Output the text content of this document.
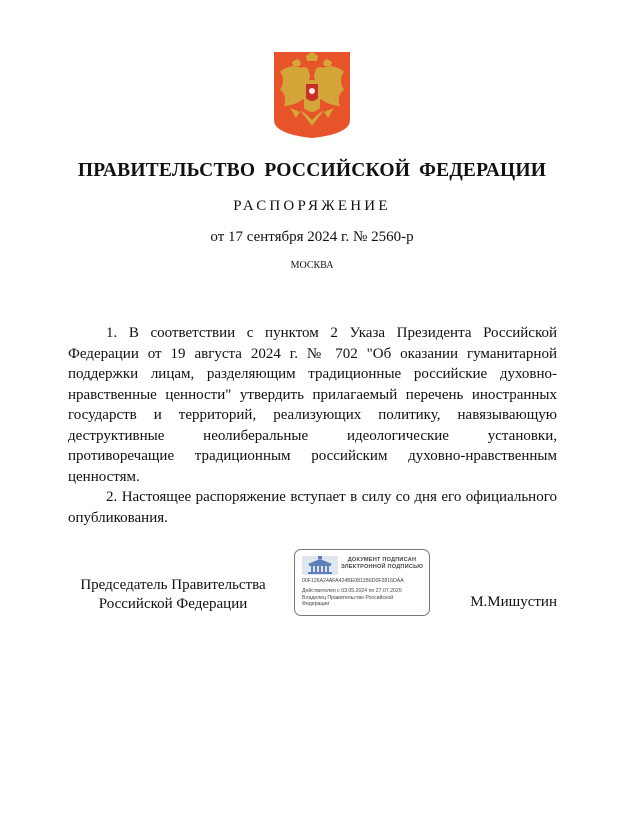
ПРАВИТЕЛЬСТВО РОССИЙСКОЙ ФЕДЕРАЦИИ
РАСПОРЯЖЕНИЕ
от 17 сентября 2024 г. № 2560-р
МОСКВА

1. В соответствии с пунктом 2 Указа Президента Российской Федерации от 19 августа 2024 г. № 702 "Об оказании гуманитарной поддержки лицам, разделяющим традиционные российские духовно-нравственные ценности" утвердить прилагаемый перечень иностранных государств и территорий, реализующих политику, навязывающую деструктивные неолиберальные идеологические установки, противоречащие традиционным российским духовно-нравственным ценностям.

2. Настоящее распоряжение вступает в силу со дня его официального опубликования.

Председатель Правительства
Российской Федерации
ДОКУМЕНТ ПОДПИСАН
ЭЛЕКТРОННОЙ ПОДПИСЬЮ
00F126A24AFA424BE0811B6D0F2816DAA
Действителен с 03.05.2024 по 27.07.2025
Владелец Правительство Российской
Федерации	М.Мишустин
